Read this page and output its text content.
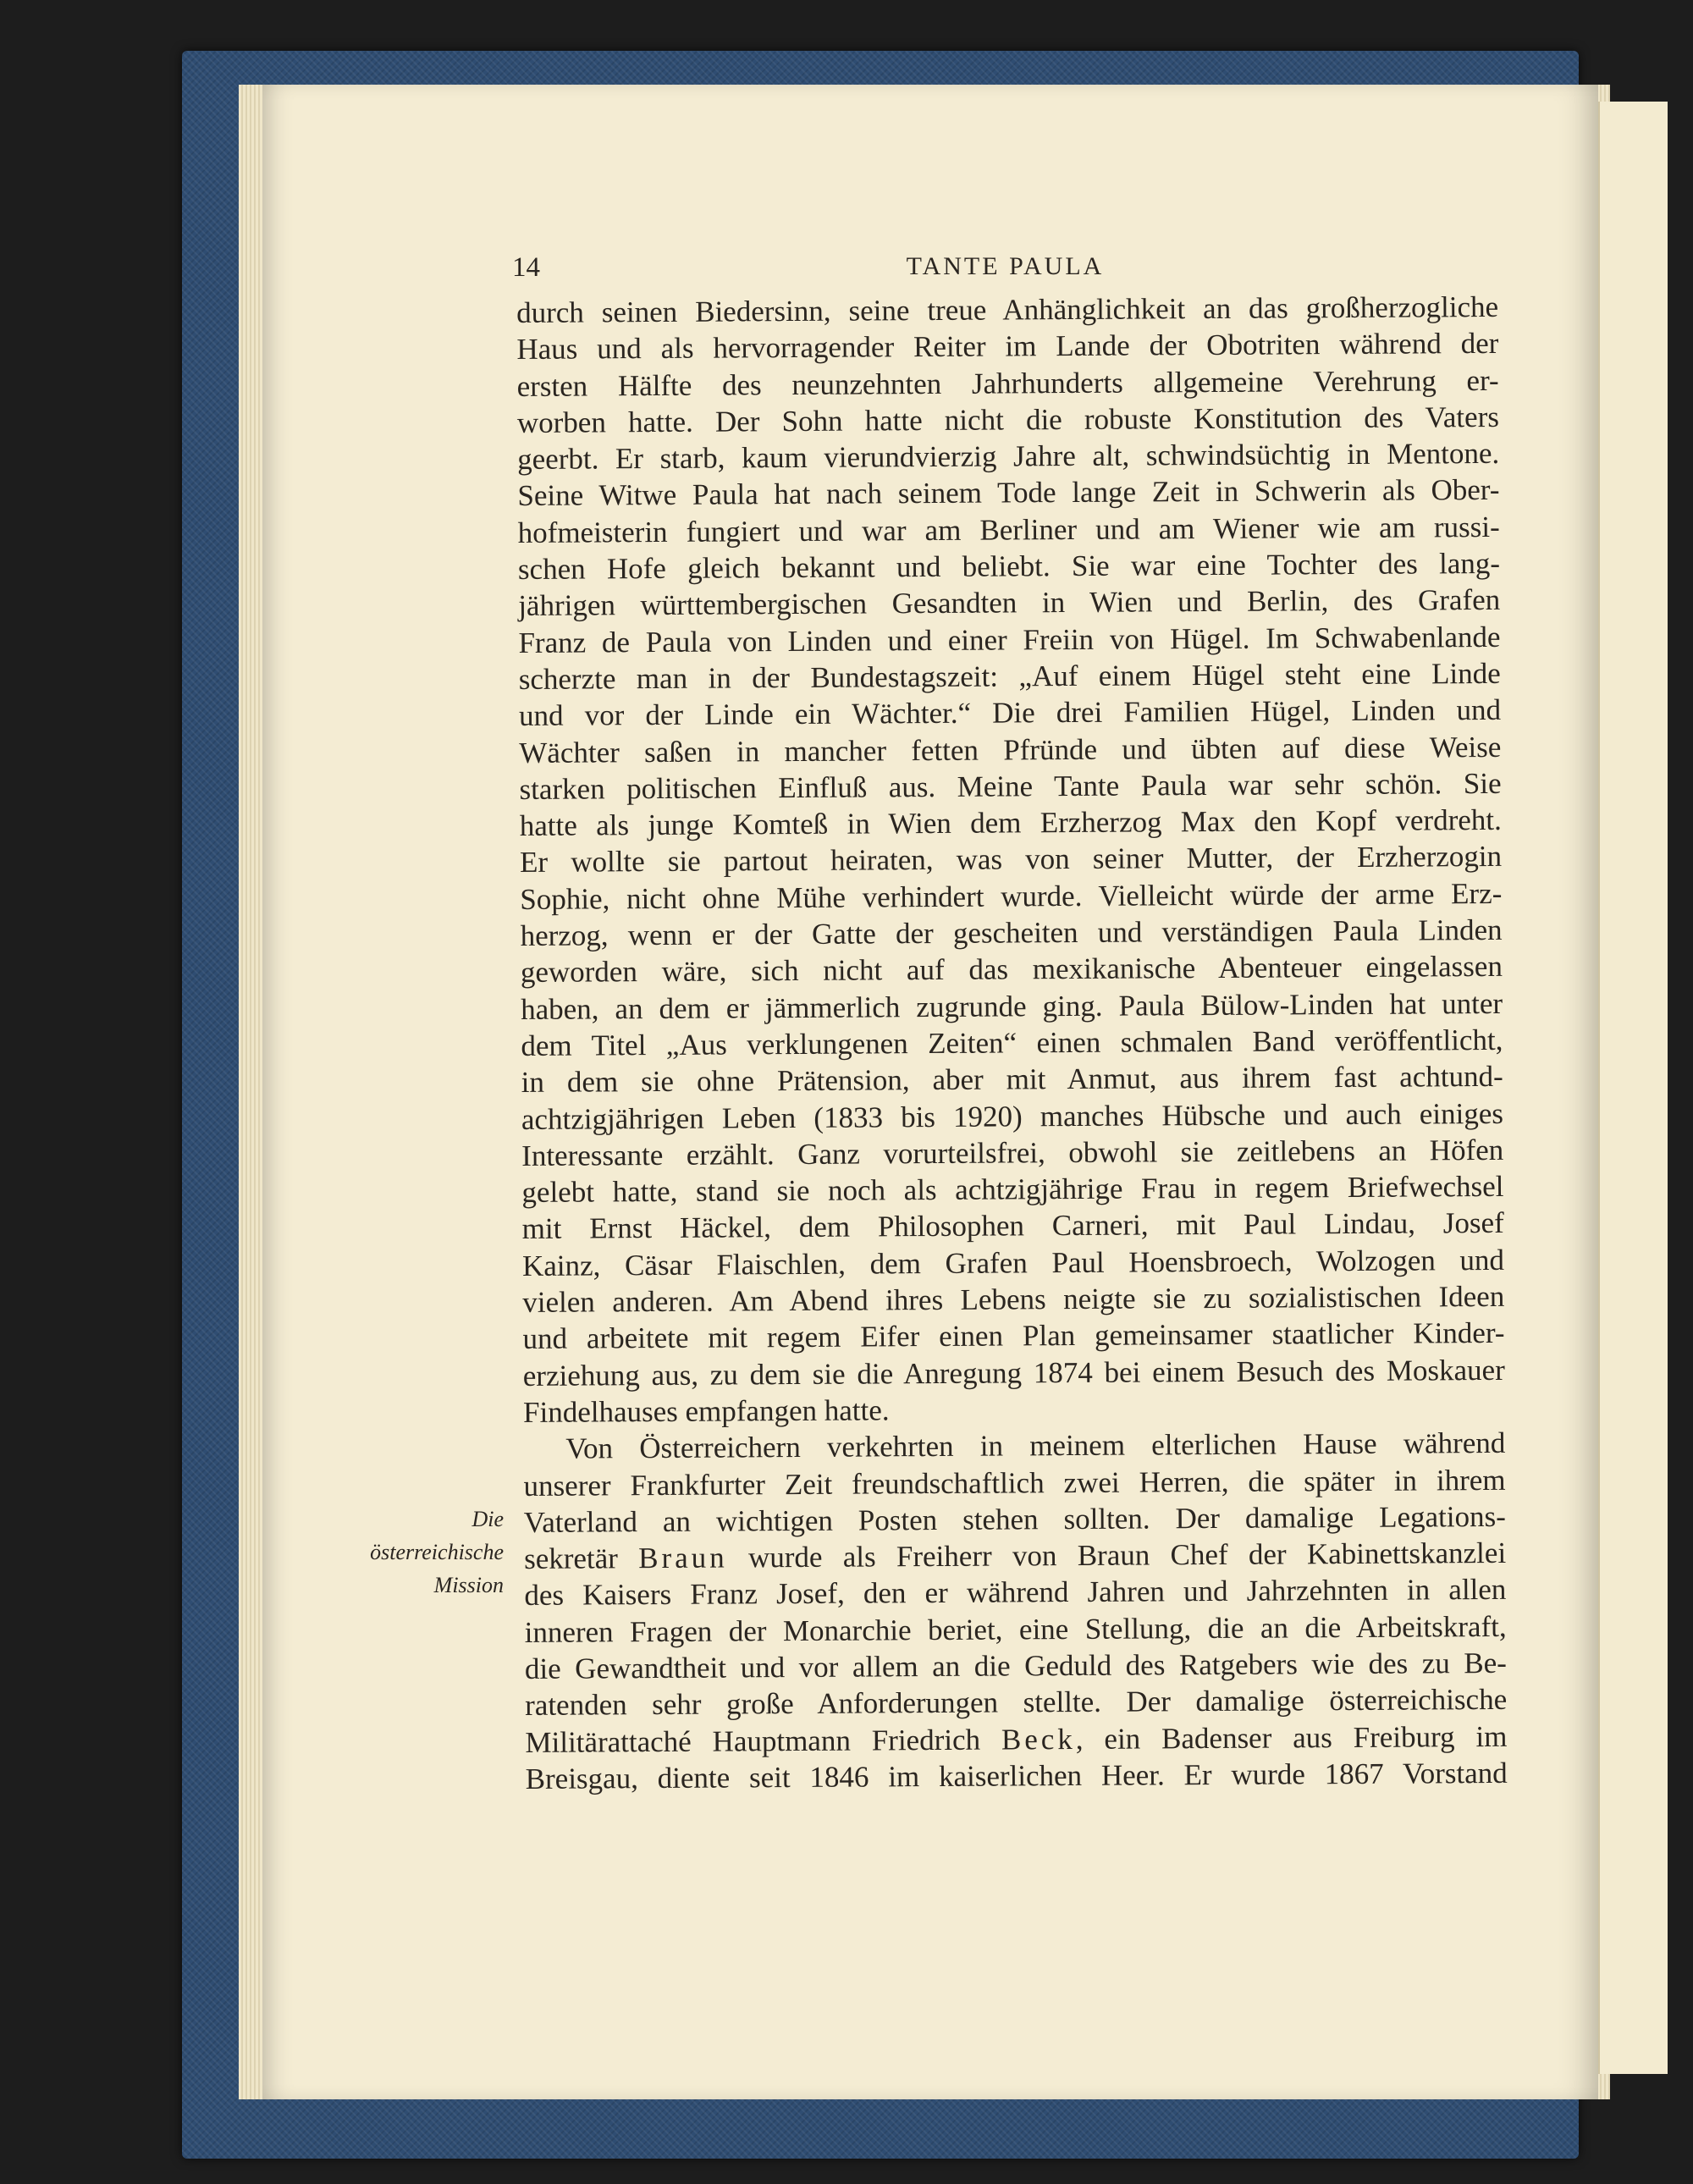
14	TANTE PAULA
Die
österreichische
Mission
durch seinen Biedersinn, seine treue Anhänglichkeit an das großherzogliche
Haus und als hervorragender Reiter im Lande der Obotriten während der
ersten Hälfte des neunzehnten Jahrhunderts allgemeine Verehrung er-
worben hatte. Der Sohn hatte nicht die robuste Konstitution des Vaters
geerbt. Er starb, kaum vierundvierzig Jahre alt, schwindsüchtig in Mentone.
Seine Witwe Paula hat nach seinem Tode lange Zeit in Schwerin als Ober-
hofmeisterin fungiert und war am Berliner und am Wiener wie am russi-
schen Hofe gleich bekannt und beliebt. Sie war eine Tochter des lang-
jährigen württembergischen Gesandten in Wien und Berlin, des Grafen
Franz de Paula von Linden und einer Freiin von Hügel. Im Schwabenlande
scherzte man in der Bundestagszeit: „Auf einem Hügel steht eine Linde
und vor der Linde ein Wächter.“ Die drei Familien Hügel, Linden und
Wächter saßen in mancher fetten Pfründe und übten auf diese Weise
starken politischen Einfluß aus. Meine Tante Paula war sehr schön. Sie
hatte als junge Komteß in Wien dem Erzherzog Max den Kopf verdreht.
Er wollte sie partout heiraten, was von seiner Mutter, der Erzherzogin
Sophie, nicht ohne Mühe verhindert wurde. Vielleicht würde der arme Erz-
herzog, wenn er der Gatte der gescheiten und verständigen Paula Linden
geworden wäre, sich nicht auf das mexikanische Abenteuer eingelassen
haben, an dem er jämmerlich zugrunde ging. Paula Bülow-Linden hat unter
dem Titel „Aus verklungenen Zeiten“ einen schmalen Band veröffentlicht,
in dem sie ohne Prätension, aber mit Anmut, aus ihrem fast achtund-
achtzigjährigen Leben (1833 bis 1920) manches Hübsche und auch einiges
Interessante erzählt. Ganz vorurteilsfrei, obwohl sie zeitlebens an Höfen
gelebt hatte, stand sie noch als achtzigjährige Frau in regem Briefwechsel
mit Ernst Häckel, dem Philosophen Carneri, mit Paul Lindau, Josef
Kainz, Cäsar Flaischlen, dem Grafen Paul Hoensbroech, Wolzogen und
vielen anderen. Am Abend ihres Lebens neigte sie zu sozialistischen Ideen
und arbeitete mit regem Eifer einen Plan gemeinsamer staatlicher Kinder-
erziehung aus, zu dem sie die Anregung 1874 bei einem Besuch des Moskauer
Findelhauses empfangen hatte.
Von Österreichern verkehrten in meinem elterlichen Hause während
unserer Frankfurter Zeit freundschaftlich zwei Herren, die später in ihrem
Vaterland an wichtigen Posten stehen sollten. Der damalige Legations-
sekretär Braun wurde als Freiherr von Braun Chef der Kabinettskanzlei
des Kaisers Franz Josef, den er während Jahren und Jahrzehnten in allen
inneren Fragen der Monarchie beriet, eine Stellung, die an die Arbeitskraft,
die Gewandtheit und vor allem an die Geduld des Ratgebers wie des zu Be-
ratenden sehr große Anforderungen stellte. Der damalige österreichische
Militärattaché Hauptmann Friedrich Beck, ein Badenser aus Freiburg im
Breisgau, diente seit 1846 im kaiserlichen Heer. Er wurde 1867 Vorstand
